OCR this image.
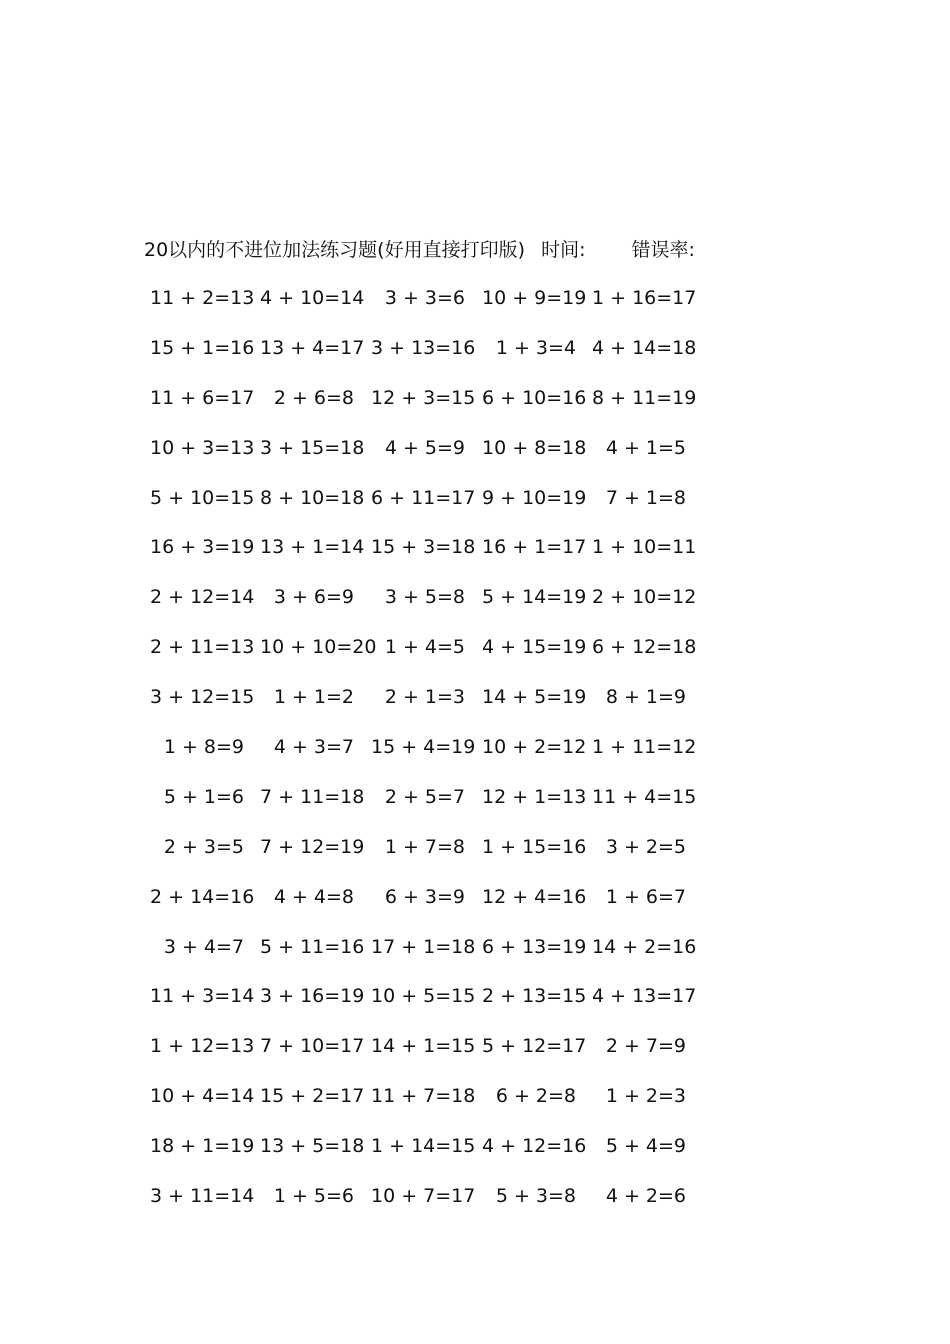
20以内的不进位加法练习题(好用直接打印版) 时间: 错误率:
11 + 2=13 4 + 10=14	3 + 3=6 10 + 9=19 1 + 16=17
15 + 1=16 13 + 4=17 3 + 13=16	1 + 3=4 4 + 14=18
11 + 6=17	2 + 6=8 12 + 3=15 6 + 10=16 8 + 11=19
10 + 3=13 3 + 15=18	4 + 5=9 10 + 8=18	4 + 1=5
5 + 10=15 8 + 10=18 6 + 11=17 9 + 10=19	7 + 1=8
16 + 3=19 13 + 1=14 15 + 3=18 16 + 1=17 1 + 10=11
2 + 12=14	3 + 6=9	3 + 5=8 5 + 14=19 2 + 10=12
2 + 11=13 10 + 10=20 1 + 4=5 4 + 15=19 6 + 12=18
3 + 12=15	1 + 1=2	2 + 1=3 14 + 5=19	8 + 1=9
1 + 8=9	4 + 3=7 15 + 4=19 10 + 2=12 1 + 11=12
5 + 1=6 7 + 11=18	2 + 5=7 12 + 1=13 11 + 4=15
2 + 3=5 7 + 12=19	1 + 7=8 1 + 15=16	3 + 2=5
2 + 14=16	4 + 4=8	6 + 3=9 12 + 4=16	1 + 6=7
3 + 4=7 5 + 11=16 17 + 1=18 6 + 13=19 14 + 2=16
11 + 3=14 3 + 16=19 10 + 5=15 2 + 13=15 4 + 13=17
1 + 12=13 7 + 10=17 14 + 1=15 5 + 12=17	2 + 7=9
10 + 4=14 15 + 2=17 11 + 7=18	6 + 2=8	1 + 2=3
18 + 1=19 13 + 5=18 1 + 14=15 4 + 12=16	5 + 4=9
3 + 11=14	1 + 5=6 10 + 7=17	5 + 3=8	4 + 2=6
